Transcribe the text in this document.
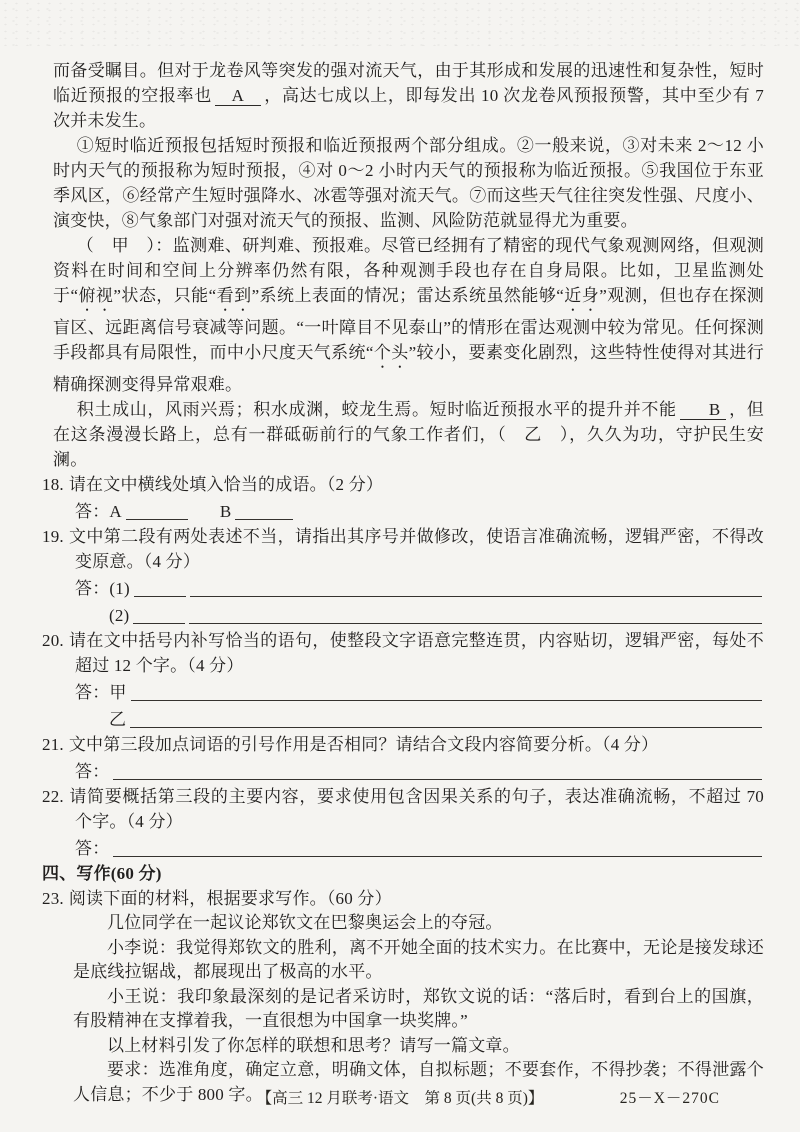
而备受瞩目。但对于龙卷风等突发的强对流天气，由于其形成和发展的迅速性和复杂性，短时临近预报的空报率也 A ，高达七成以上，即每发出 10 次龙卷风预报预警，其中至少有 7 次并未发生。

①短时临近预报包括短时预报和临近预报两个部分组成。②一般来说，③对未来 2～12 小时内天气的预报称为短时预报，④对 0～2 小时内天气的预报称为临近预报。⑤我国位于东亚季风区，⑥经常产生短时强降水、冰雹等强对流天气。⑦而这些天气往往突发性强、尺度小、演变快，⑧气象部门对强对流天气的预报、监测、风险防范就显得尤为重要。

（　甲　）：监测难、研判难、预报难。尽管已经拥有了精密的现代气象观测网络，但观测资料在时间和空间上分辨率仍然有限，各种观测手段也存在自身局限。比如，卫星监测处于“俯视”状态，只能“看到”系统上表面的情况；雷达系统虽然能够“近身”观测，但也存在探测盲区、远距离信号衰减等问题。“一叶障目不见泰山”的情形在雷达观测中较为常见。任何探测手段都具有局限性，而中小尺度天气系统“个头”较小，要素变化剧烈，这些特性使得对其进行精确探测变得异常艰难。

积土成山，风雨兴焉；积水成渊，蛟龙生焉。短时临近预报水平的提升并不能 B ，但在这条漫漫长路上，总有一群砥砺前行的气象工作者们，（　乙　），久久为功，守护民生安澜。

18. 请在文中横线处填入恰当的成语。（2 分）

答： A	B

19. 文中第二段有两处表述不当，请指出其序号并做修改，使语言准确流畅，逻辑严密，不得改变原意。（4 分）

答： (1)
(2)

20. 请在文中括号内补写恰当的语句，使整段文字语意完整连贯，内容贴切，逻辑严密，每处不超过 12 个字。（4 分）

答： 甲
乙

21. 文中第三段加点词语的引号作用是否相同？请结合文段内容简要分析。（4 分）

答：

22. 请简要概括第三段的主要内容，要求使用包含因果关系的句子，表达准确流畅，不超过 70 个字。（4 分）

答：

四、写作(60 分)

23. 阅读下面的材料，根据要求写作。（60 分）

几位同学在一起议论郑钦文在巴黎奥运会上的夺冠。

小李说：我觉得郑钦文的胜利，离不开她全面的技术实力。在比赛中，无论是接发球还是底线拉锯战，都展现出了极高的水平。

小王说：我印象最深刻的是记者采访时，郑钦文说的话：“落后时，看到台上的国旗，有股精神在支撑着我，一直很想为中国拿一块奖牌。”

以上材料引发了你怎样的联想和思考？请写一篇文章。

要求：选准角度，确定立意，明确文体，自拟标题；不要套作，不得抄袭；不得泄露个人信息；不少于 800 字。

【高三 12 月联考·语文　第 8 页(共 8 页)】	25－X－270C
